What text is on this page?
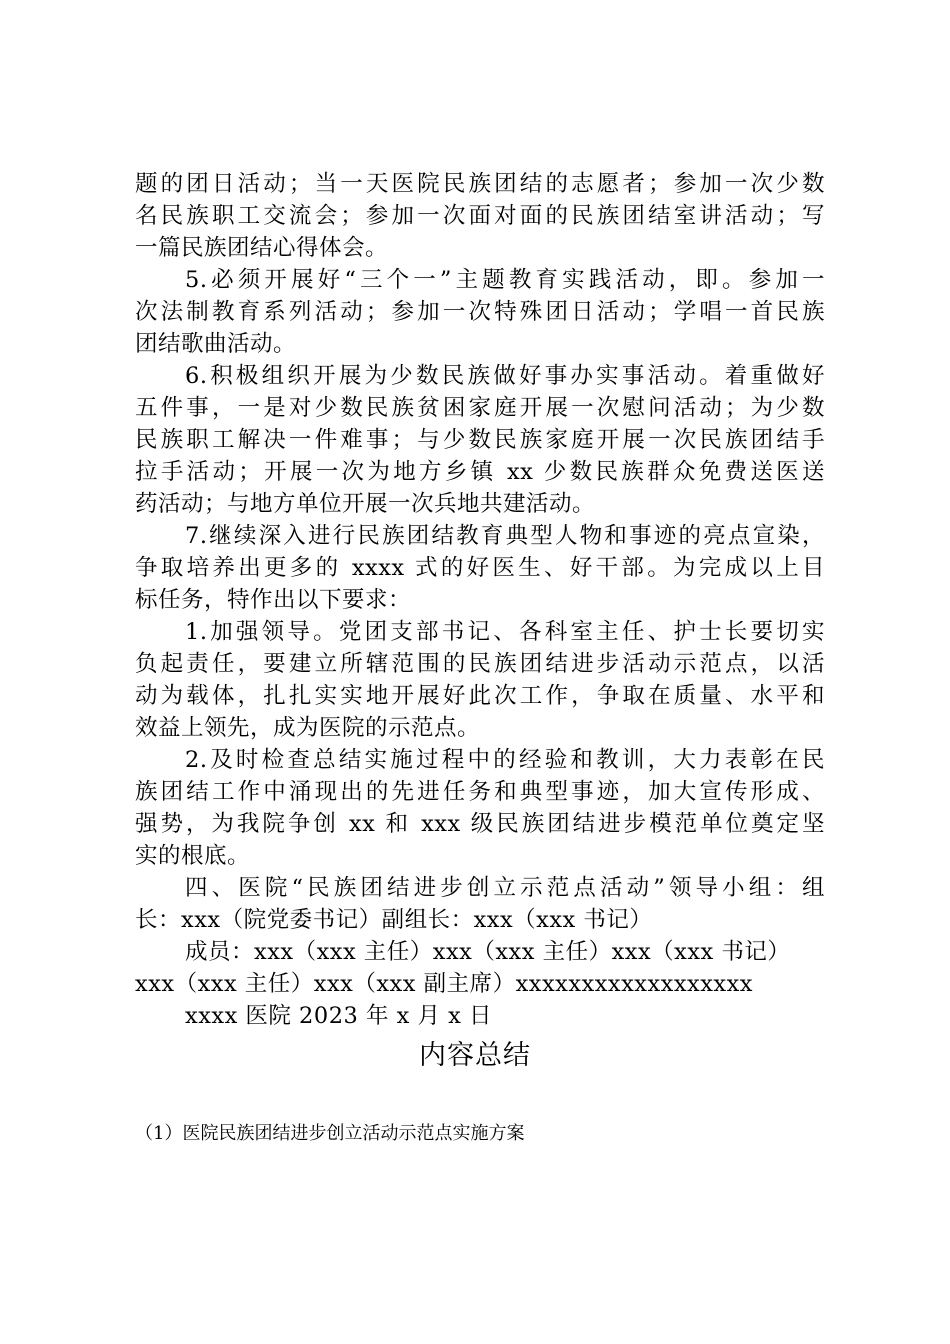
题的团日活动；当一天医院民族团结的志愿者；参加一次少数
名民族职工交流会；参加一次面对面的民族团结室讲活动；写
一篇民族团结心得体会。
5.必须开展好“三个一”主题教育实践活动，即。参加一
次法制教育系列活动；参加一次特殊团日活动；学唱一首民族
团结歌曲活动。
6.积极组织开展为少数民族做好事办实事活动。着重做好
五件事，一是对少数民族贫困家庭开展一次慰问活动；为少数
民族职工解决一件难事；与少数民族家庭开展一次民族团结手
拉手活动；开展一次为地方乡镇 xx 少数民族群众免费送医送
药活动；与地方单位开展一次兵地共建活动。
7.继续深入进行民族团结教育典型人物和事迹的亮点宣染，
争取培养出更多的 xxxx 式的好医生、好干部。为完成以上目
标任务，特作出以下要求：
1.加强领导。党团支部书记、各科室主任、护士长要切实
负起责任，要建立所辖范围的民族团结进步活动示范点，以活
动为载体，扎扎实实地开展好此次工作，争取在质量、水平和
效益上领先，成为医院的示范点。
2.及时检查总结实施过程中的经验和教训，大力表彰在民
族团结工作中涌现出的先进任务和典型事迹，加大宣传形成、
强势，为我院争创 xx 和 xxx 级民族团结进步模范单位奠定坚
实的根底。
四、医院“民族团结进步创立示范点活动”领导小组：组
长：xxx（院党委书记）副组长：xxx（xxx 书记）
成员：xxx（xxx 主任）xxx（xxx 主任）xxx（xxx 书记）
xxx（xxx 主任）xxx（xxx 副主席）xxxxxxxxxxxxxxxxxx
xxxx 医院 2023 年 x 月 x 日
内容总结
（1）医院民族团结进步创立活动示范点实施方案
